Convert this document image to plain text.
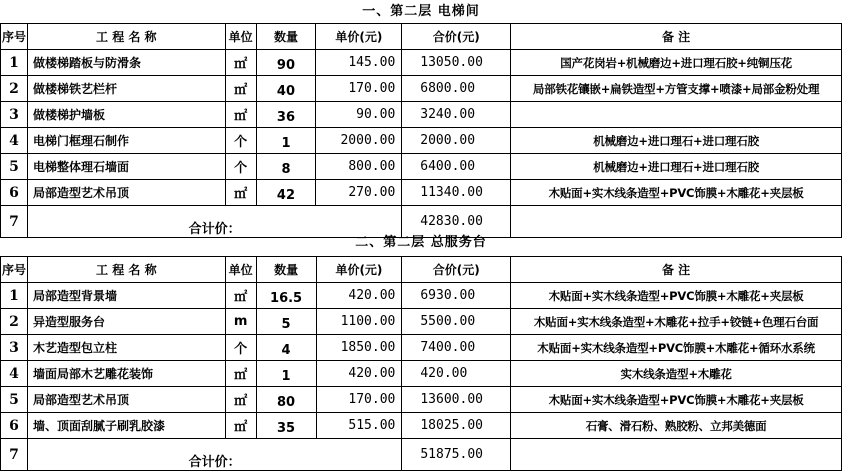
一、第二层 电梯间
序号	工 程 名 称	单位	数量	单价(元)	合价(元)	备 注
1	做楼梯踏板与防滑条	㎡	90	145.00	13050.00	国产花岗岩+机械磨边+进口理石胶+纯铜压花
2	做楼梯铁艺栏杆	㎡	40	170.00	6800.00	局部铁花镶嵌+扁铁造型+方管支撑+喷漆+局部金粉处理
3	做楼梯护墙板	㎡	36	90.00	3240.00	
4	电梯门框理石制作	个	1	2000.00	2000.00	机械磨边+进口理石+进口理石胶
5	电梯整体理石墙面	个	8	800.00	6400.00	机械磨边+进口理石+进口理石胶
6	局部造型艺术吊顶	㎡	42	270.00	11340.00	木贴面+实木线条造型+PVC饰膜+木雕花+夹层板
7	合计价：				42830.00	
二、第二层 总服务台
序号	工 程 名 称	单位	数量	单价(元)	合价(元)	备 注
1	局部造型背景墙	㎡	16.5	420.00	6930.00	木贴面+实木线条造型+PVC饰膜+木雕花+夹层板
2	异造型服务台	m	5	1100.00	5500.00	木贴面+实木线条造型+木雕花+拉手+铰链+色理石台面
3	木艺造型包立柱	个	4	1850.00	7400.00	木贴面+实木线条造型+PVC饰膜+木雕花+循环水系统
4	墙面局部木艺雕花装饰	㎡	1	420.00	420.00	实木线条造型+木雕花
5	局部造型艺术吊顶	㎡	80	170.00	13600.00	木贴面+实木线条造型+PVC饰膜+木雕花+夹层板
6	墙、顶面刮腻子刷乳胶漆	㎡	35	515.00	18025.00	石膏、滑石粉、熟胶粉、立邦美德面
7	合计价：				51875.00	
